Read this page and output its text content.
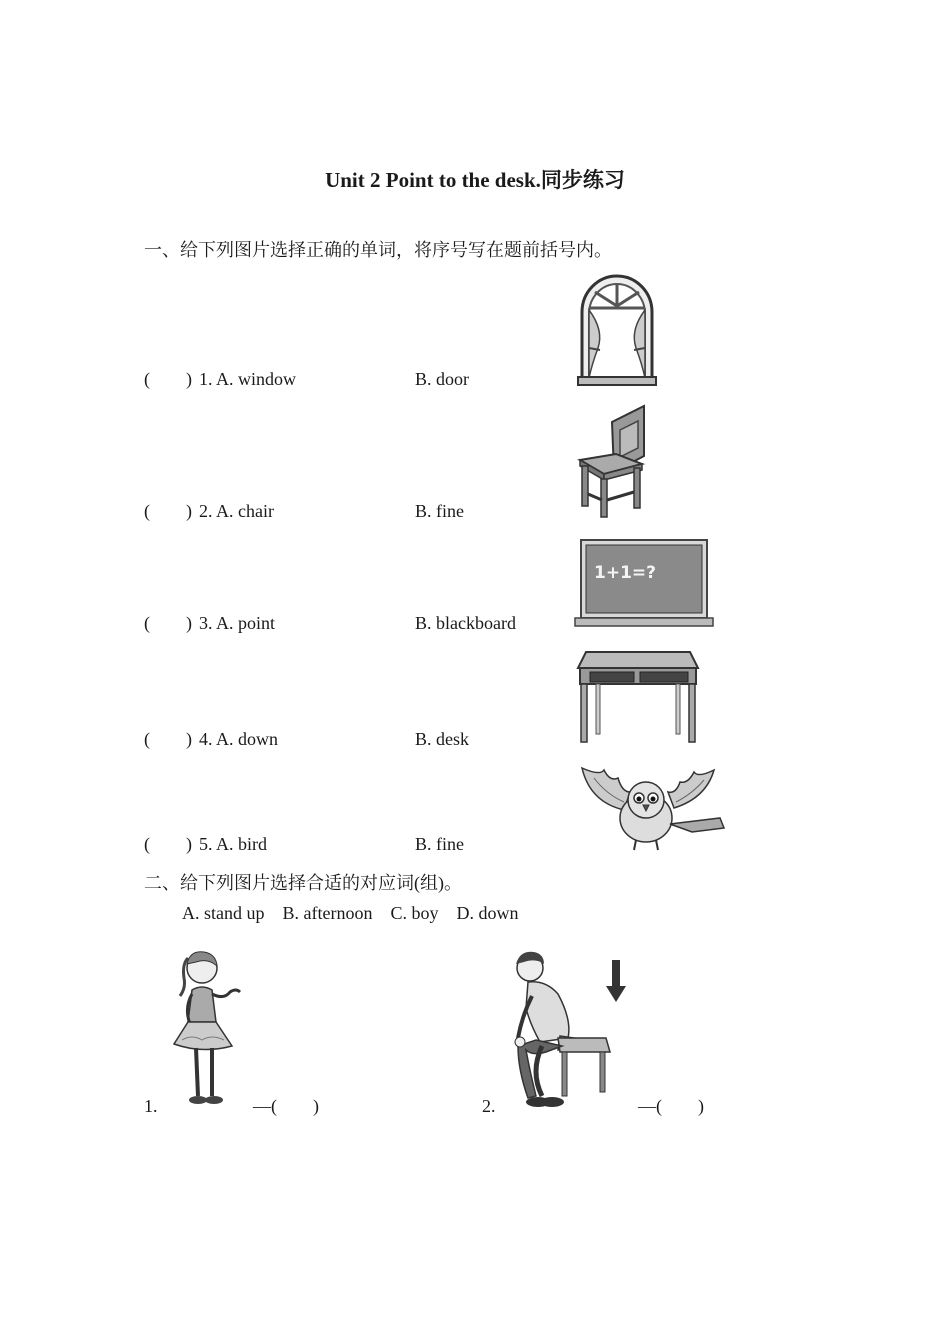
Unit 2 Point to the desk.同步练习
一、给下列图片选择正确的单词，将序号写在题前括号内。
(        ) 1. A. window	B. door
(        ) 2. A. chair	B. fine
(        ) 3. A. point	B. blackboard
1+1=?
(        ) 4. A. down	B. desk
(        ) 5. A. bird	B. fine
二、给下列图片选择合适的对应词(组)。
A. stand up    B. afternoon    C. boy    D. down
1.	—(        )	2.	—(        )
